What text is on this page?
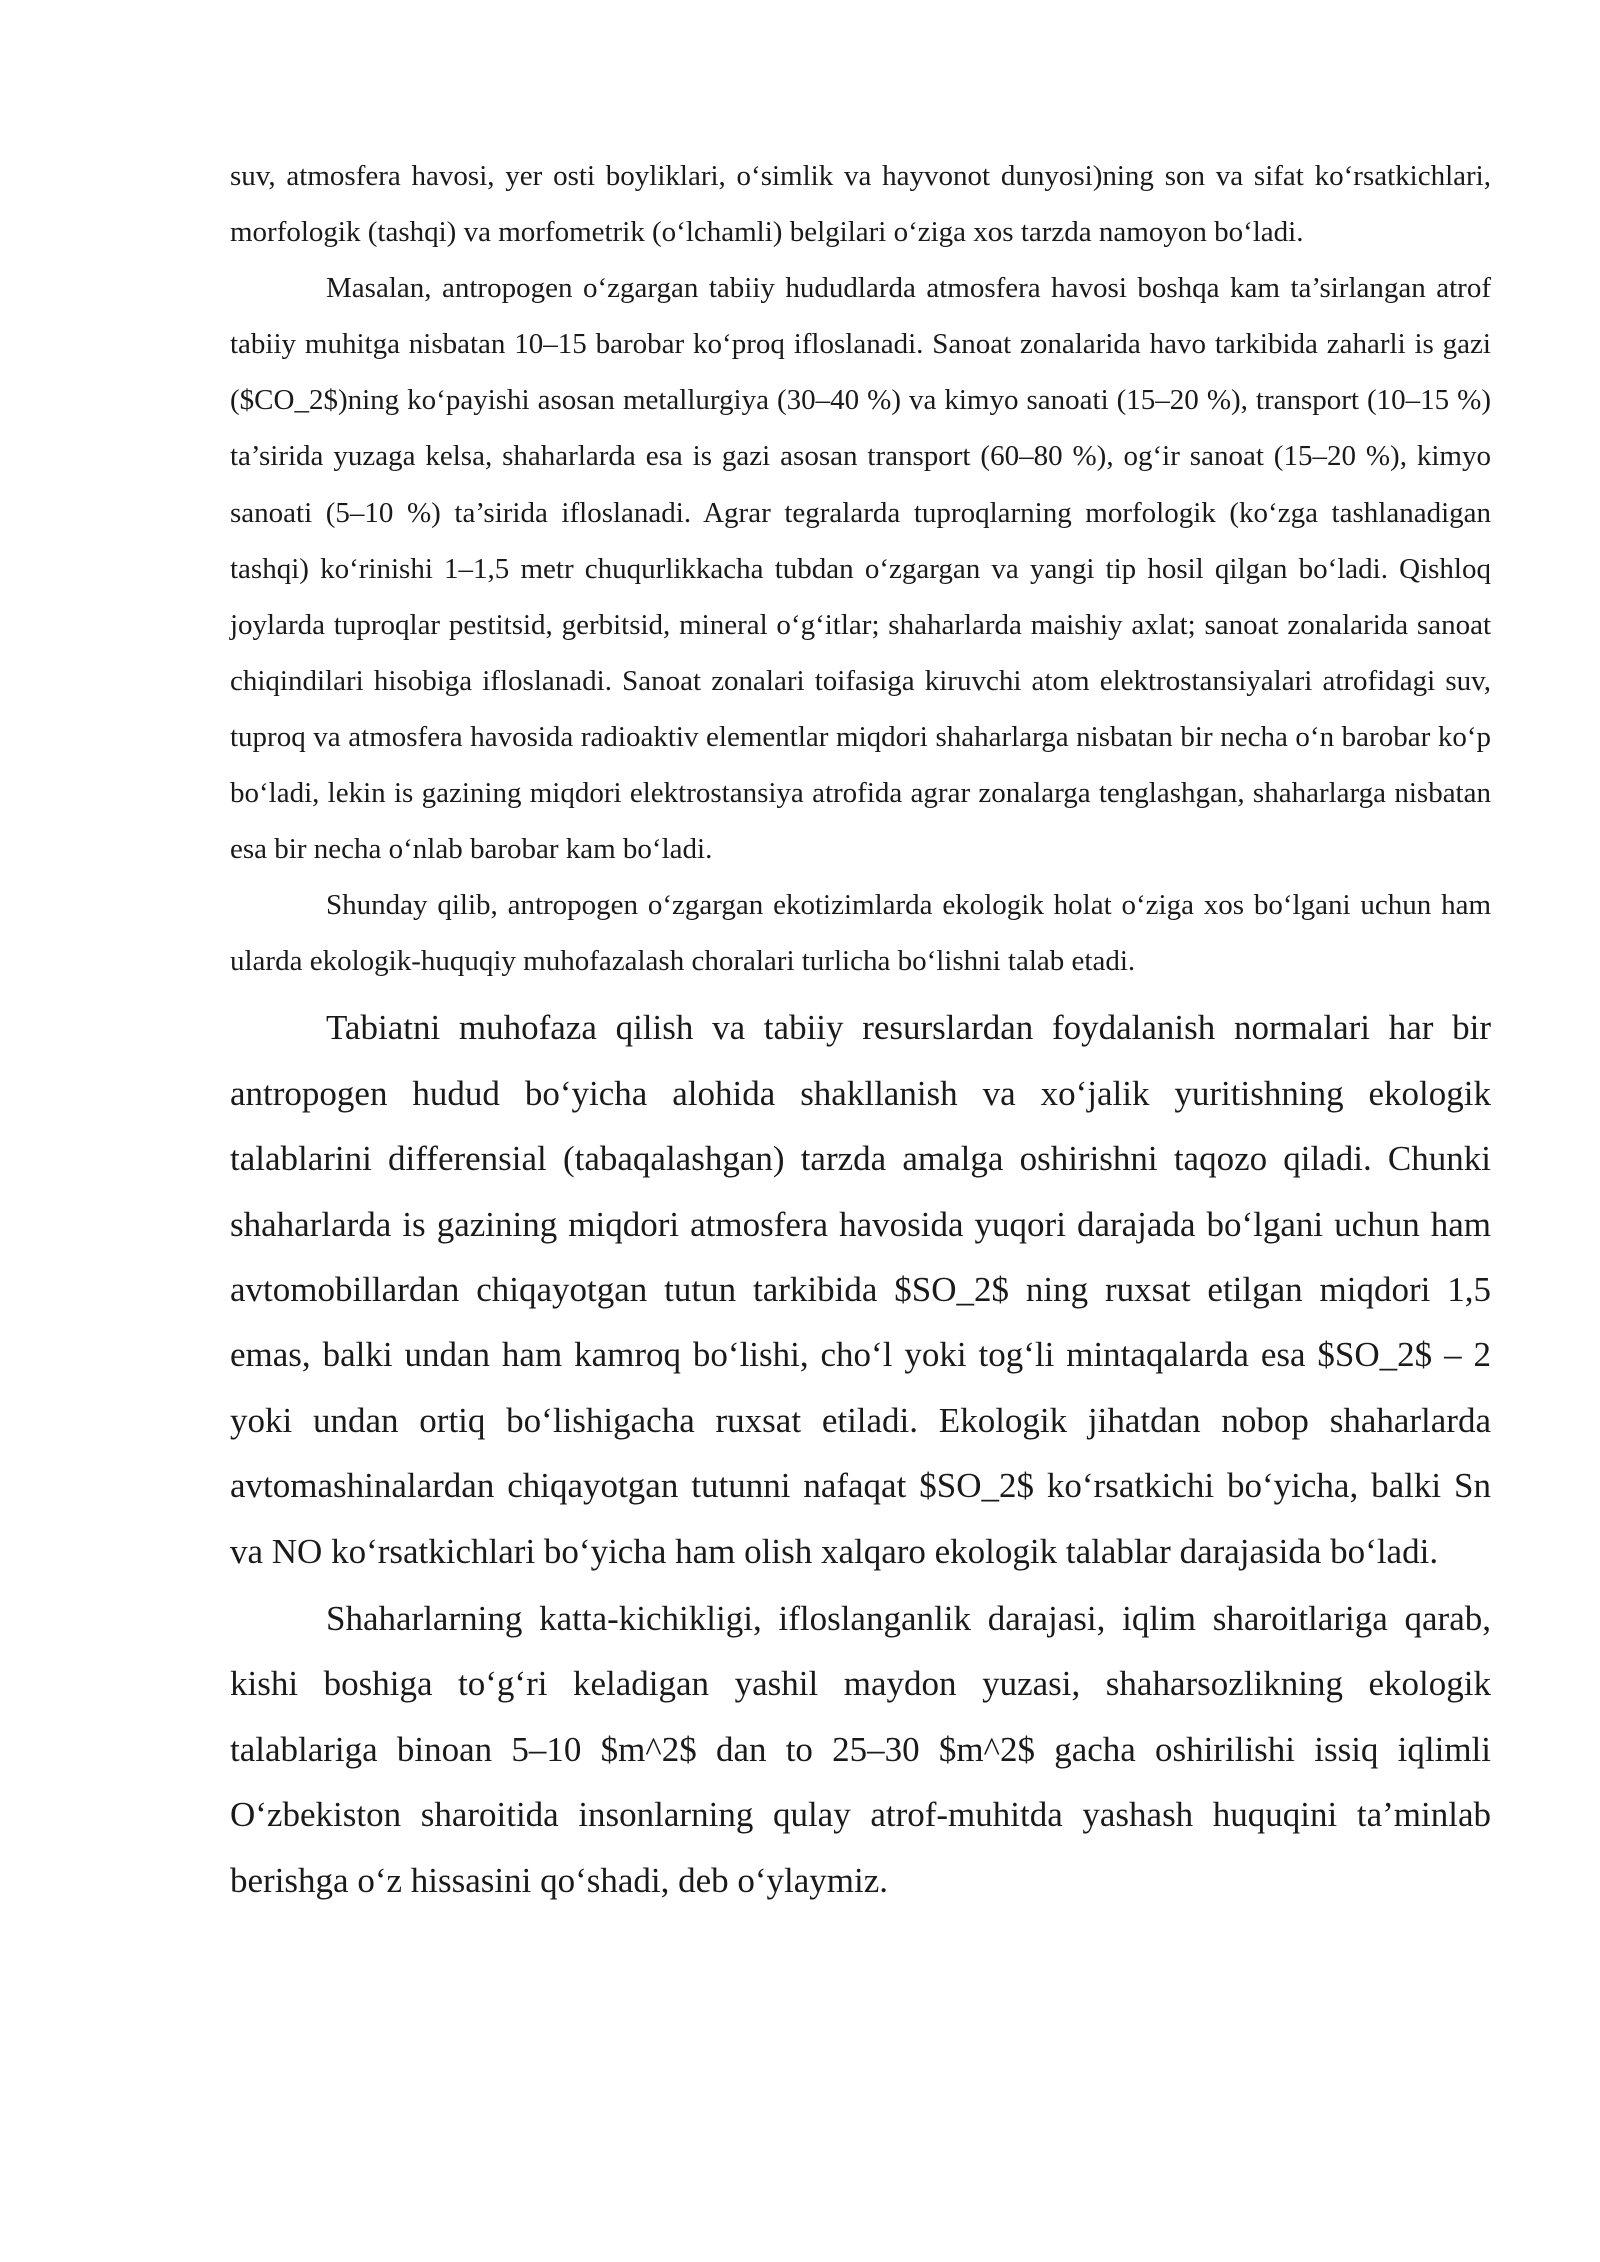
suv, atmosfera havosi, yer osti boyliklari, o‘simlik va hayvonot dunyosi)ning son va sifat ko‘rsatkichlari, morfologik (tashqi) va morfometrik (o‘lchamli) belgilari o‘ziga xos tarzda namoyon bo‘ladi.

Masalan, antropogen o‘zgargan tabiiy hududlarda atmosfera havosi boshqa kam ta’sirlangan atrof tabiiy muhitga nisbatan 10–15 barobar ko‘proq ifloslanadi. Sanoat zonalarida havo tarkibida zaharli is gazi ($CO_2$)ning ko‘payishi asosan metallurgiya (30–40 %) va kimyo sanoati (15–20 %), transport (10–15 %) ta’sirida yuzaga kelsa, shaharlarda esa is gazi asosan transport (60–80 %), og‘ir sanoat (15–20 %), kimyo sanoati (5–10 %) ta’sirida ifloslanadi. Agrar tegralarda tuproqlarning morfologik (ko‘zga tashlanadigan tashqi) ko‘rinishi 1–1,5 metr chuqurlikkacha tubdan o‘zgargan va yangi tip hosil qilgan bo‘ladi. Qishloq joylarda tuproqlar pestitsid, gerbitsid, mineral o‘g‘itlar; shaharlarda maishiy axlat; sanoat zonalarida sanoat chiqindilari hisobiga ifloslanadi. Sanoat zonalari toifasiga kiruvchi atom elektrostansiyalari atrofidagi suv, tuproq va atmosfera havosida radioaktiv elementlar miqdori shaharlarga nisbatan bir necha o‘n barobar ko‘p bo‘ladi, lekin is gazining miqdori elektrostansiya atrofida agrar zonalarga tenglashgan, shaharlarga nisbatan esa bir necha o‘nlab barobar kam bo‘ladi.

Shunday qilib, antropogen o‘zgargan ekotizimlarda ekologik holat o‘ziga xos bo‘lgani uchun ham ularda ekologik-huquqiy muhofazalash choralari turlicha bo‘lishni talab etadi.

Tabiatni muhofaza qilish va tabiiy resurslardan foydalanish normalari har bir antropogen hudud bo‘yicha alohida shakllanish va xo‘jalik yuritishning ekologik talablarini differensial (tabaqalashgan) tarzda amalga oshirishni taqozo qiladi. Chunki shaharlarda is gazining miqdori atmosfera havosida yuqori darajada bo‘lgani uchun ham avtomobillardan chiqayotgan tutun tarkibida $SO_2$ ning ruxsat etilgan miqdori 1,5 emas, balki undan ham kamroq bo‘lishi, cho‘l yoki tog‘li mintaqalarda esa $SO_2$ – 2 yoki undan ortiq bo‘lishigacha ruxsat etiladi. Ekologik jihatdan nobop shaharlarda avtomashinalardan chiqayotgan tutunni nafaqat $SO_2$ ko‘rsatkichi bo‘yicha, balki Sn va NO ko‘rsatkichlari bo‘yicha ham olish xalqaro ekologik talablar darajasida bo‘ladi.

Shaharlarning katta-kichikligi, ifloslanganlik darajasi, iqlim sharoitlariga qarab, kishi boshiga to‘g‘ri keladigan yashil maydon yuzasi, shaharsozlikning ekologik talablariga binoan 5–10 $m^2$ dan to 25–30 $m^2$ gacha oshirilishi issiq iqlimli O‘zbekiston sharoitida insonlarning qulay atrof-muhitda yashash huquqini ta’minlab berishga o‘z hissasini qo‘shadi, deb o‘ylaymiz.
